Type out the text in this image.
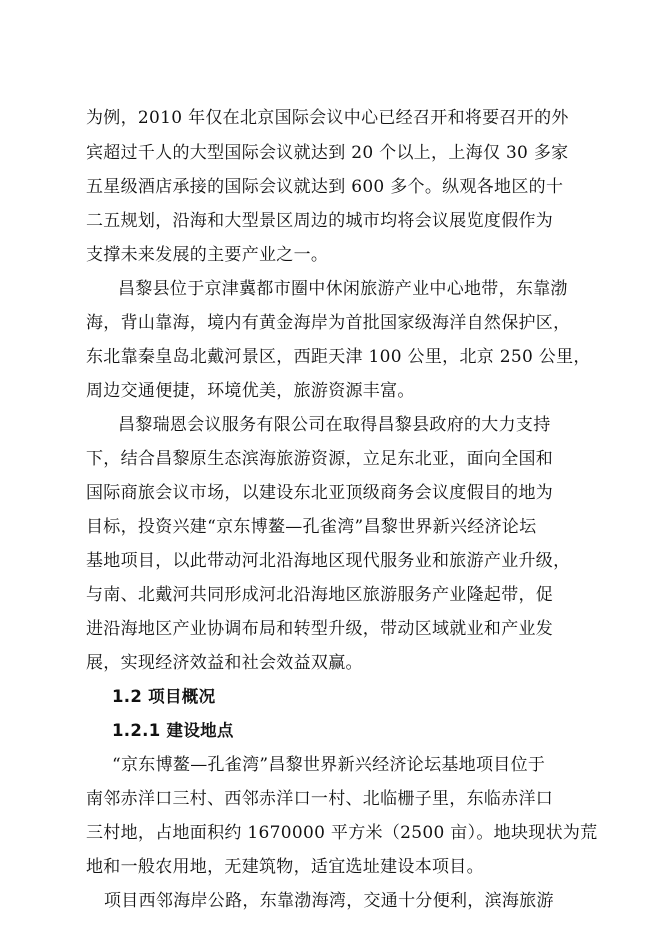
为例，2010 年仅在北京国际会议中心已经召开和将要召开的外
宾超过千人的大型国际会议就达到 20 个以上，上海仅 30 多家
五星级酒店承接的国际会议就达到 600 多个。纵观各地区的十
二五规划，沿海和大型景区周边的城市均将会议展览度假作为
支撑未来发展的主要产业之一。
昌黎县位于京津冀都市圈中休闲旅游产业中心地带，东靠渤
海，背山靠海，境内有黄金海岸为首批国家级海洋自然保护区，
东北靠秦皇岛北戴河景区，西距天津 100 公里，北京 250 公里，
周边交通便捷，环境优美，旅游资源丰富。
昌黎瑞恩会议服务有限公司在取得昌黎县政府的大力支持
下，结合昌黎原生态滨海旅游资源，立足东北亚，面向全国和
国际商旅会议市场，以建设东北亚顶级商务会议度假目的地为
目标，投资兴建“京东博鳌—孔雀湾”昌黎世界新兴经济论坛
基地项目，以此带动河北沿海地区现代服务业和旅游产业升级，
与南、北戴河共同形成河北沿海地区旅游服务产业隆起带，促
进沿海地区产业协调布局和转型升级，带动区域就业和产业发
展，实现经济效益和社会效益双赢。
1.2 项目概况
1.2.1 建设地点
“京东博鳌—孔雀湾”昌黎世界新兴经济论坛基地项目位于
南邻赤洋口三村、西邻赤洋口一村、北临栅子里，东临赤洋口
三村地，占地面积约 1670000 平方米（2500 亩）。地块现状为荒
地和一般农用地，无建筑物，适宜选址建设本项目。
项目西邻海岸公路，东靠渤海湾，交通十分便利，滨海旅游
